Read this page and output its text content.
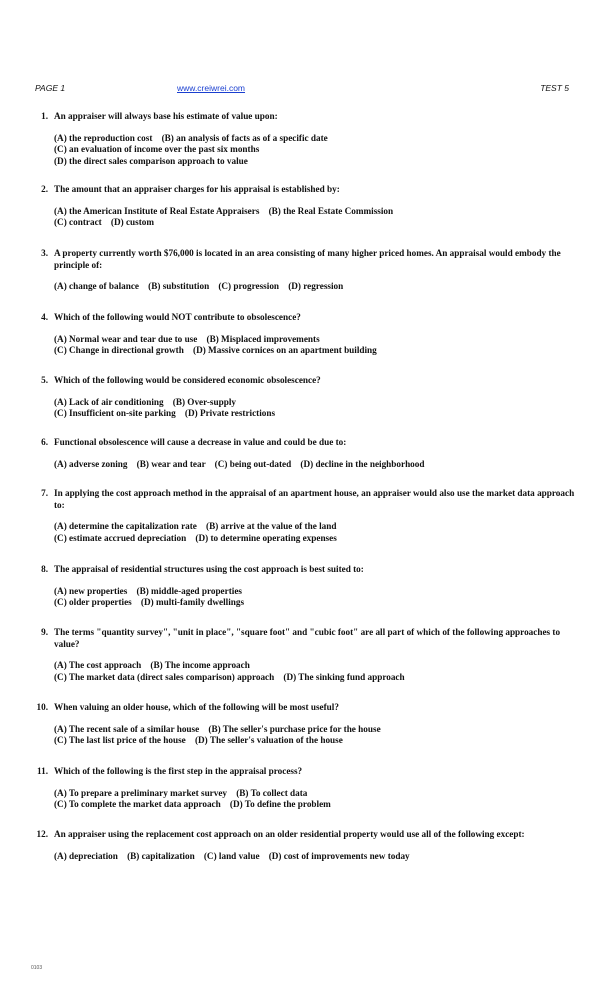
PAGE 1	www.creiwrei.com	TEST 5
1. An appraiser will always base his estimate of value upon:
(A) the reproduction cost    (B) an analysis of facts as of a specific date
(C) an evaluation of income over the past six months
(D) the direct sales comparison approach to value
2. The amount that an appraiser charges for his appraisal is established by:
(A) the American Institute of Real Estate Appraisers    (B) the Real Estate Commission
(C) contract    (D) custom
3. A property currently worth $76,000 is located in an area consisting of many higher priced homes. An appraisal would embody the principle of:
(A) change of balance    (B) substitution    (C) progression    (D) regression
4. Which of the following would NOT contribute to obsolescence?
(A) Normal wear and tear due to use    (B) Misplaced improvements
(C) Change in directional growth    (D) Massive cornices on an apartment building
5. Which of the following would be considered economic obsolescence?
(A) Lack of air conditioning    (B) Over-supply
(C) Insufficient on-site parking    (D) Private restrictions
6. Functional obsolescence will cause a decrease in value and could be due to:
(A) adverse zoning    (B) wear and tear    (C) being out-dated    (D) decline in the neighborhood
7. In applying the cost approach method in the appraisal of an apartment house, an appraiser would also use the market data approach to:
(A) determine the capitalization rate    (B) arrive at the value of the land
(C) estimate accrued depreciation    (D) to determine operating expenses
8. The appraisal of residential structures using the cost approach is best suited to:
(A) new properties    (B) middle-aged properties
(C) older properties    (D) multi-family dwellings
9. The terms "quantity survey", "unit in place", "square foot" and "cubic foot" are all part of which of the following approaches to value?
(A) The cost approach    (B) The income approach
(C) The market data (direct sales comparison) approach    (D) The sinking fund approach
10. When valuing an older house, which of the following will be most useful?
(A) The recent sale of a similar house    (B) The seller's purchase price for the house
(C) The last list price of the house    (D) The seller's valuation of the house
11. Which of the following is the first step in the appraisal process?
(A) To prepare a preliminary market survey    (B) To collect data
(C) To complete the market data approach    (D) To define the problem
12. An appraiser using the replacement cost approach on an older residential property would use all of the following except:
(A) depreciation    (B) capitalization    (C) land value    (D) cost of improvements new today
0103
